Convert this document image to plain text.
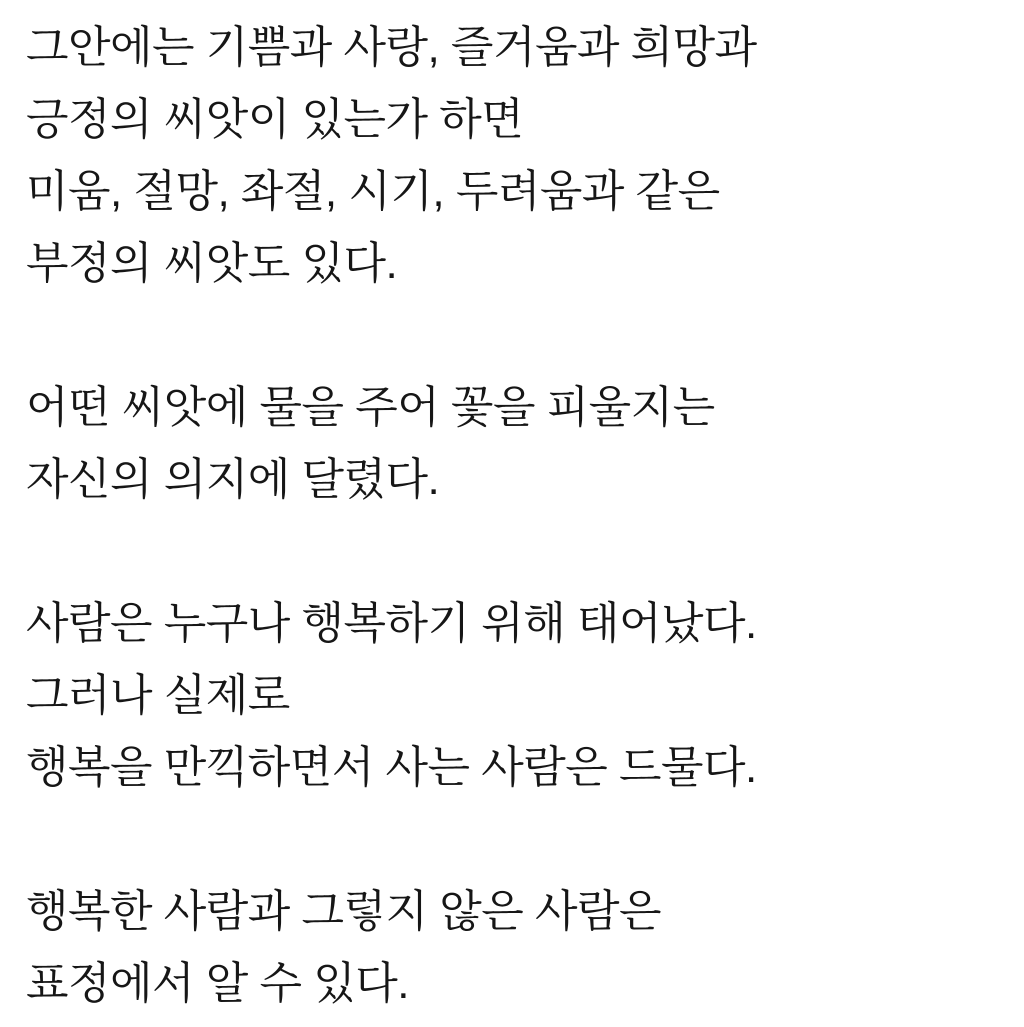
그안에는 기쁨과 사랑, 즐거움과 희망과
긍정의 씨앗이 있는가 하면
미움, 절망, 좌절, 시기, 두려움과 같은
부정의 씨앗도 있다.
어떤 씨앗에 물을 주어 꽃을 피울지는
자신의 의지에 달렸다.
사람은 누구나 행복하기 위해 태어났다.
그러나 실제로
행복을 만끽하면서 사는 사람은 드물다.
행복한 사람과 그렇지 않은 사람은
표정에서 알 수 있다.
